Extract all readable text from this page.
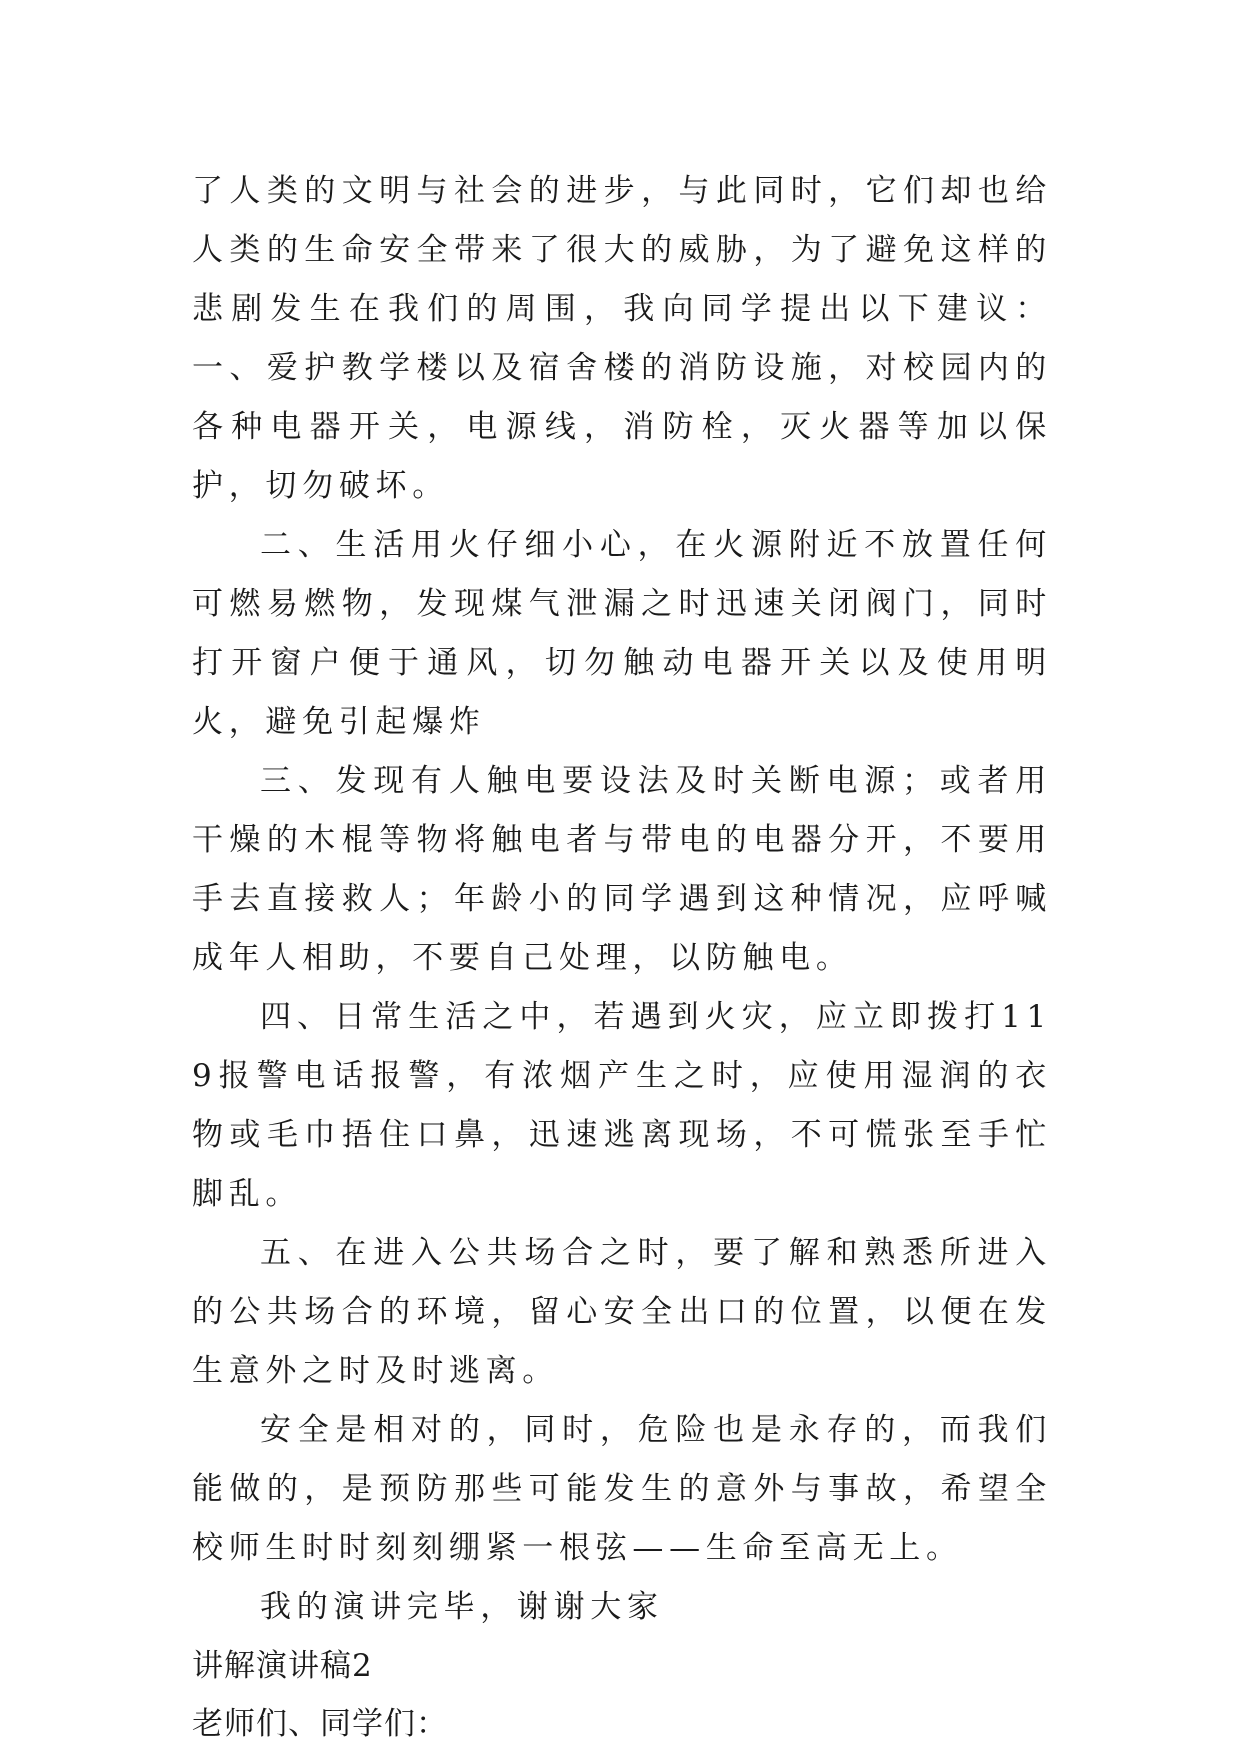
了人类的文明与社会的进步，与此同时，它们却也给人类的生命安全带来了很大的威胁，为了避免这样的悲剧发生在我们的周围，我向同学提出以下建议：一、爱护教学楼以及宿舍楼的消防设施，对校园内的各种电器开关，电源线，消防栓，灭火器等加以保护，切勿破坏。

二、生活用火仔细小心，在火源附近不放置任何可燃易燃物，发现煤气泄漏之时迅速关闭阀门，同时打开窗户便于通风，切勿触动电器开关以及使用明火，避免引起爆炸

三、发现有人触电要设法及时关断电源；或者用干燥的木棍等物将触电者与带电的电器分开，不要用手去直接救人；年龄小的同学遇到这种情况，应呼喊成年人相助，不要自己处理，以防触电。

四、日常生活之中，若遇到火灾，应立即拨打119报警电话报警，有浓烟产生之时，应使用湿润的衣物或毛巾捂住口鼻，迅速逃离现场，不可慌张至手忙脚乱。

五、在进入公共场合之时，要了解和熟悉所进入的公共场合的环境，留心安全出口的位置，以便在发生意外之时及时逃离。

安全是相对的，同时，危险也是永存的，而我们能做的，是预防那些可能发生的意外与事故，希望全校师生时时刻刻绷紧一根弦——生命至高无上。

我的演讲完毕，谢谢大家

讲解演讲稿2

老师们、同学们：
